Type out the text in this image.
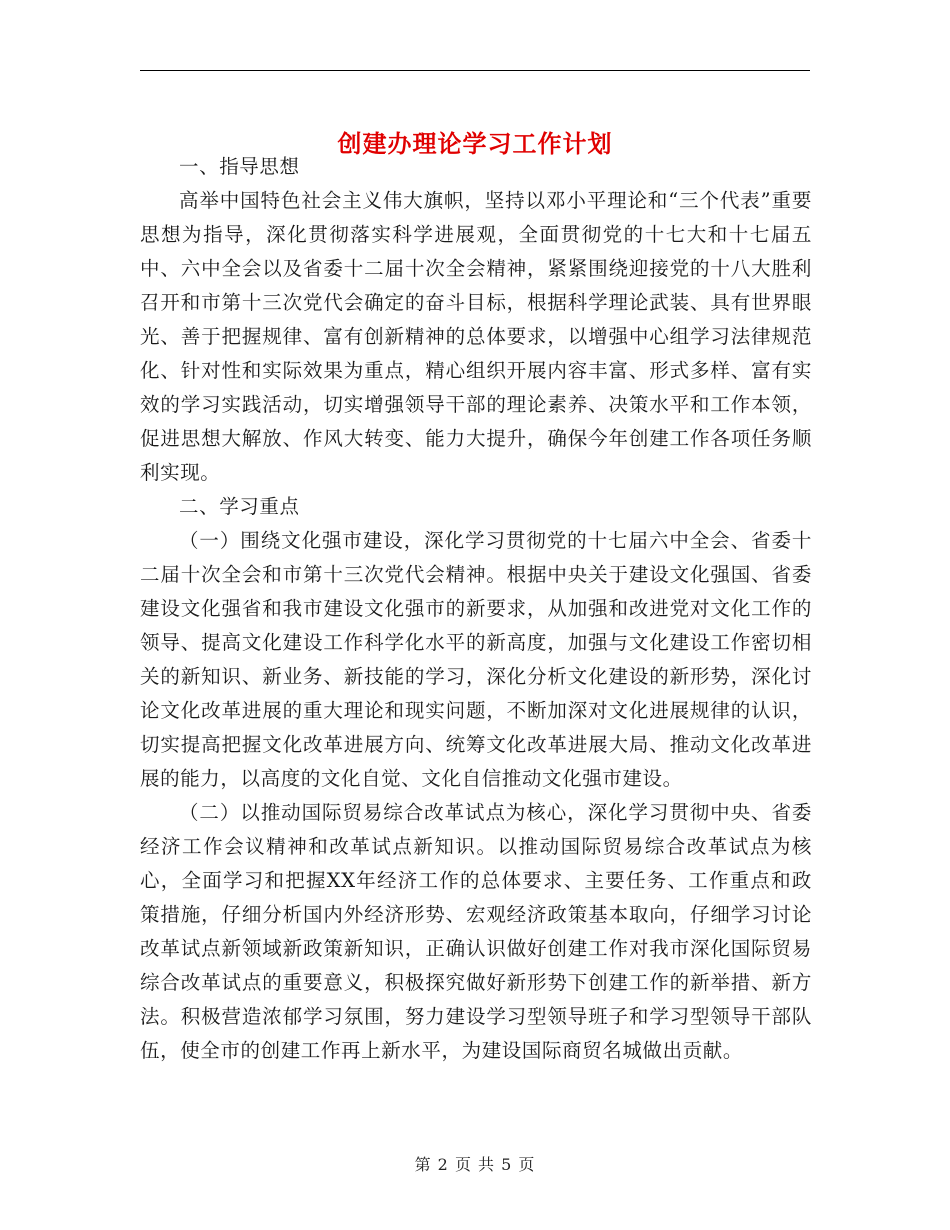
创建办理论学习工作计划
一、指导思想

高举中国特色社会主义伟大旗帜，坚持以邓小平理论和“三个代表”重要思想为指导，深化贯彻落实科学进展观，全面贯彻党的十七大和十七届五中、六中全会以及省委十二届十次全会精神，紧紧围绕迎接党的十八大胜利召开和市第十三次党代会确定的奋斗目标，根据科学理论武装、具有世界眼光、善于把握规律、富有创新精神的总体要求，以增强中心组学习法律规范化、针对性和实际效果为重点，精心组织开展内容丰富、形式多样、富有实效的学习实践活动，切实增强领导干部的理论素养、决策水平和工作本领，促进思想大解放、作风大转变、能力大提升，确保今年创建工作各项任务顺利实现。

二、学习重点

（一）围绕文化强市建设，深化学习贯彻党的十七届六中全会、省委十二届十次全会和市第十三次党代会精神。根据中央关于建设文化强国、省委建设文化强省和我市建设文化强市的新要求，从加强和改进党对文化工作的领导、提高文化建设工作科学化水平的新高度，加强与文化建设工作密切相关的新知识、新业务、新技能的学习，深化分析文化建设的新形势，深化讨论文化改革进展的重大理论和现实问题，不断加深对文化进展规律的认识，切实提高把握文化改革进展方向、统筹文化改革进展大局、推动文化改革进展的能力，以高度的文化自觉、文化自信推动文化强市建设。

（二）以推动国际贸易综合改革试点为核心，深化学习贯彻中央、省委经济工作会议精神和改革试点新知识。以推动国际贸易综合改革试点为核心，全面学习和把握XX年经济工作的总体要求、主要任务、工作重点和政策措施，仔细分析国内外经济形势、宏观经济政策基本取向，仔细学习讨论改革试点新领域新政策新知识，正确认识做好创建工作对我市深化国际贸易综合改革试点的重要意义，积极探究做好新形势下创建工作的新举措、新方法。积极营造浓郁学习氛围，努力建设学习型领导班子和学习型领导干部队伍，使全市的创建工作再上新水平，为建设国际商贸名城做出贡献。

第 2 页 共 5 页
